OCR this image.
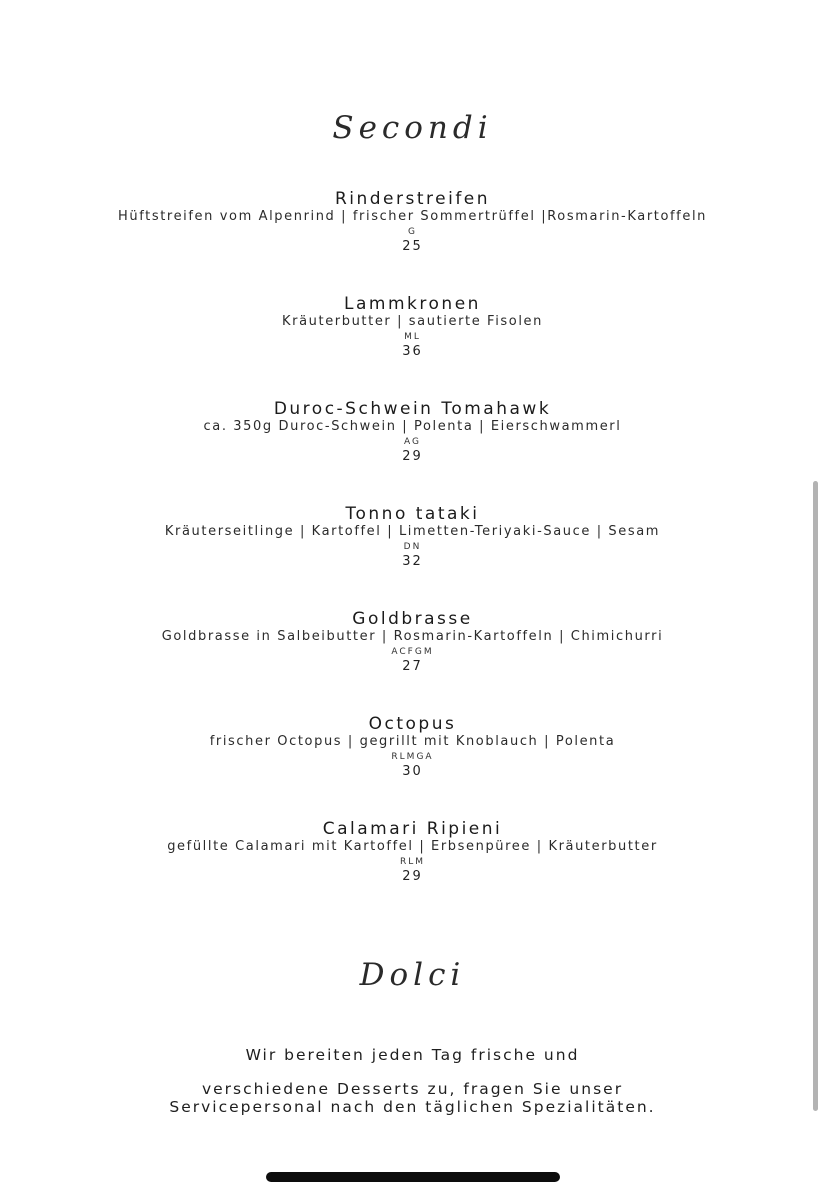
Secondi
Rinderstreifen
Hüftstreifen vom Alpenrind | frischer Sommertrüffel |Rosmarin-Kartoffeln
G
25
Lammkronen
Kräuterbutter | sautierte Fisolen
ML
36
Duroc-Schwein Tomahawk
ca. 350g Duroc-Schwein | Polenta | Eierschwammerl
AG
29
Tonno tataki
Kräuterseitlinge | Kartoffel | Limetten-Teriyaki-Sauce | Sesam
DN
32
Goldbrasse
Goldbrasse in Salbeibutter | Rosmarin-Kartoffeln | Chimichurri
ACFGM
27
Octopus
frischer Octopus | gegrillt mit Knoblauch | Polenta
RLMGA
30
Calamari Ripieni
gefüllte Calamari mit Kartoffel | Erbsenpüree | Kräuterbutter
RLM
29
Dolci

Wir bereiten jeden Tag frische und

verschiedene Desserts zu, fragen Sie unser
Servicepersonal nach den täglichen Spezialitäten.
